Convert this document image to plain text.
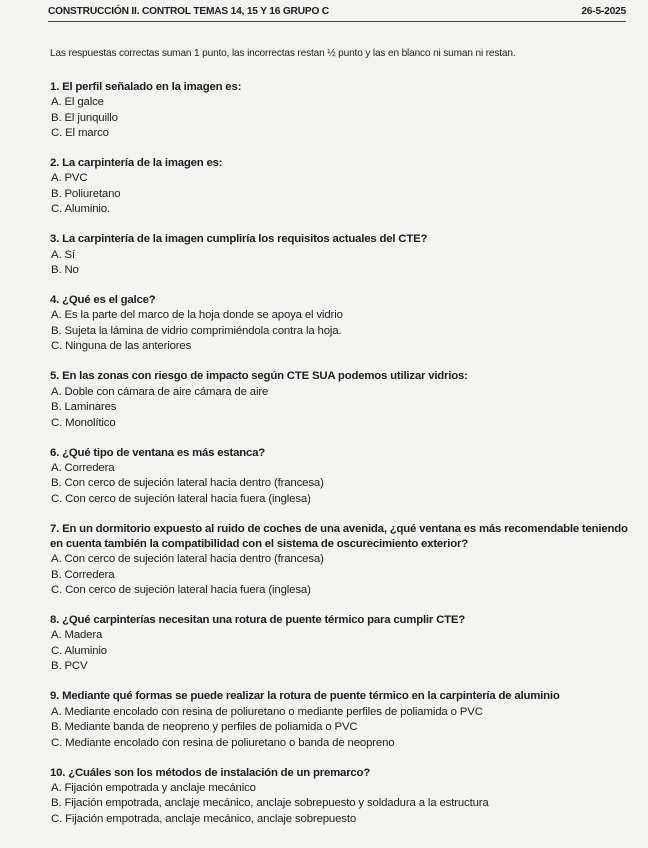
CONSTRUCCIÓN II. CONTROL TEMAS 14, 15 Y 16 GRUPO C	26-5-2025
Las respuestas correctas suman 1 punto, las incorrectas restan ½ punto y las en blanco ni suman ni restan.
1. El perfil señalado en la imagen es:
A. El galce
B. El junquillo
C. El marco
2. La carpintería de la imagen es:
A. PVC
B. Poliuretano
C. Aluminio.
3. La carpintería de la imagen cumpliría los requisitos actuales del CTE?
A. Sí
B. No
4. ¿Qué es el galce?
A. Es la parte del marco de la hoja donde se apoya el vidrio
B. Sujeta la lámina de vidrio comprimiéndola contra la hoja.
C. Ninguna de las anteriores
5. En las zonas con riesgo de impacto según CTE SUA podemos utilizar vidrios:
A. Doble con cámara de aire cámara de aire
B. Laminares
C. Monolítico
6. ¿Qué tipo de ventana es más estanca?
A. Corredera
B. Con cerco de sujeción lateral hacia dentro (francesa)
C. Con cerco de sujeción lateral hacia fuera (inglesa)
7. En un dormitorio expuesto al ruido de coches de una avenida, ¿qué ventana es más recomendable teniendo en cuenta también la compatibilidad con el sistema de oscurecimiento exterior?
A. Con cerco de sujeción lateral hacia dentro (francesa)
B. Corredera
C. Con cerco de sujeción lateral hacia fuera (inglesa)
8. ¿Qué carpinterías necesitan una rotura de puente térmico para cumplir CTE?
A. Madera
C. Aluminio
B. PCV
9. Mediante qué formas se puede realizar la rotura de puente térmico en la carpintería de aluminio
A. Mediante encolado con resina de poliuretano o mediante perfiles de poliamida o PVC
B. Mediante banda de neopreno y perfiles de poliamida o PVC
C. Mediante encolado con resina de poliuretano o banda de neopreno
10. ¿Cuáles son los métodos de instalación de un premarco?
A. Fijación empotrada y anclaje mecánico
B. Fijación empotrada, anclaje mecánico, anclaje sobrepuesto y soldadura a la estructura
C. Fijación empotrada, anclaje mecánico, anclaje sobrepuesto
